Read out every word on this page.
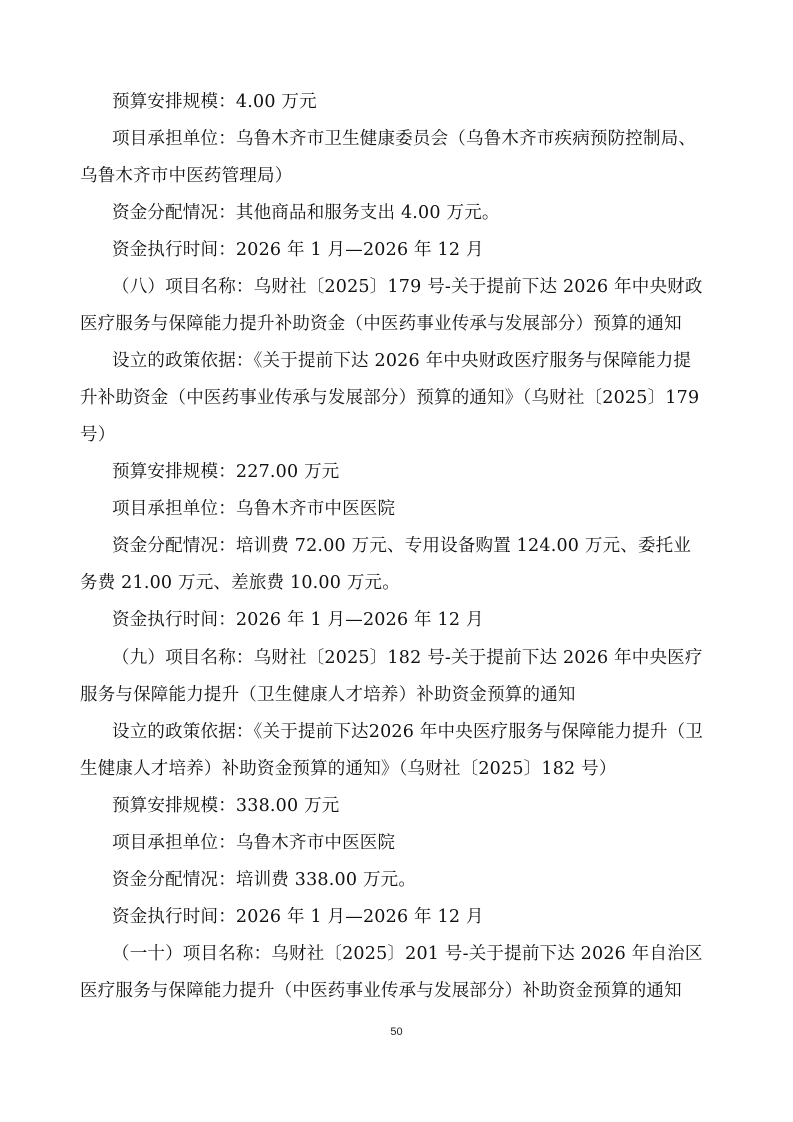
预算安排规模：4.00 万元
项目承担单位：乌鲁木齐市卫生健康委员会（乌鲁木齐市疾病预防控制局、
乌鲁木齐市中医药管理局）
资金分配情况：其他商品和服务支出 4.00 万元。
资金执行时间：2026 年 1 月—2026 年 12 月
（八）项目名称：乌财社〔2025〕179 号-关于提前下达 2026 年中央财政
医疗服务与保障能力提升补助资金（中医药事业传承与发展部分）预算的通知
设立的政策依据：《关于提前下达 2026 年中央财政医疗服务与保障能力提
升补助资金（中医药事业传承与发展部分）预算的通知》（乌财社〔2025〕179
号）
预算安排规模：227.00 万元
项目承担单位：乌鲁木齐市中医医院
资金分配情况：培训费 72.00 万元、专用设备购置 124.00 万元、委托业
务费 21.00 万元、差旅费 10.00 万元。
资金执行时间：2026 年 1 月—2026 年 12 月
（九）项目名称：乌财社〔2025〕182 号-关于提前下达 2026 年中央医疗
服务与保障能力提升（卫生健康人才培养）补助资金预算的通知
设立的政策依据：《关于提前下达2026 年中央医疗服务与保障能力提升（卫
生健康人才培养）补助资金预算的通知》（乌财社〔2025〕182 号）
预算安排规模：338.00 万元
项目承担单位：乌鲁木齐市中医医院
资金分配情况：培训费 338.00 万元。
资金执行时间：2026 年 1 月—2026 年 12 月
（一十）项目名称：乌财社〔2025〕201 号-关于提前下达 2026 年自治区
医疗服务与保障能力提升（中医药事业传承与发展部分）补助资金预算的通知
50
